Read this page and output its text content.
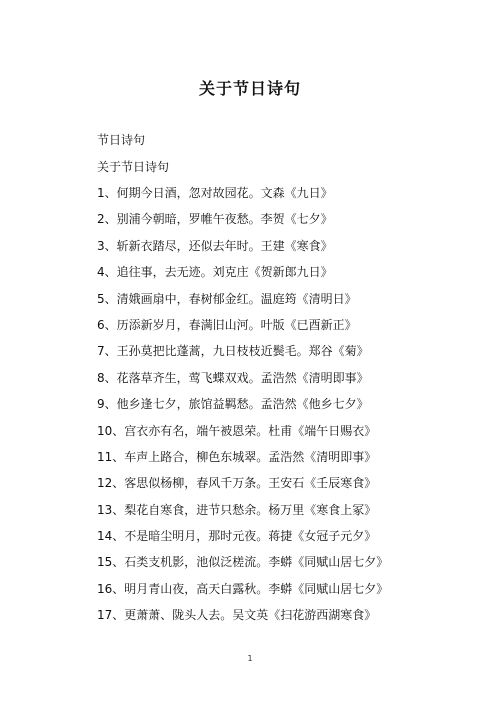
关于节日诗句
节日诗句
关于节日诗句
1、何期今日酒，忽对故园花。文森《九日》
2、别浦今朝暗，罗帷午夜愁。李贺《七夕》
3、斩新衣踏尽，还似去年时。王建《寒食》
4、追往事，去无迹。刘克庄《贺新郎九日》
5、清娥画扇中，春树郁金红。温庭筠《清明日》
6、历添新岁月，春满旧山河。叶版《已酉新正》
7、王孙莫把比蓬蒿，九日枝枝近鬓毛。郑谷《菊》
8、花落草齐生，莺飞蝶双戏。孟浩然《清明即事》
9、他乡逢七夕，旅馆益羁愁。孟浩然《他乡七夕》
10、宫衣亦有名，端午被恩荣。杜甫《端午日赐衣》
11、车声上路合，柳色东城翠。孟浩然《清明即事》
12、客思似杨柳，春风千万条。王安石《壬辰寒食》
13、梨花自寒食，进节只愁余。杨万里《寒食上冢》
14、不是暗尘明月，那时元夜。蒋捷《女冠子元夕》
15、石类支机影，池似泛槎流。李蟒《同赋山居七夕》
16、明月青山夜，高天白露秋。李蟒《同赋山居七夕》
17、更萧萧、陇头人去。吴文英《扫花游西湖寒食》
1
